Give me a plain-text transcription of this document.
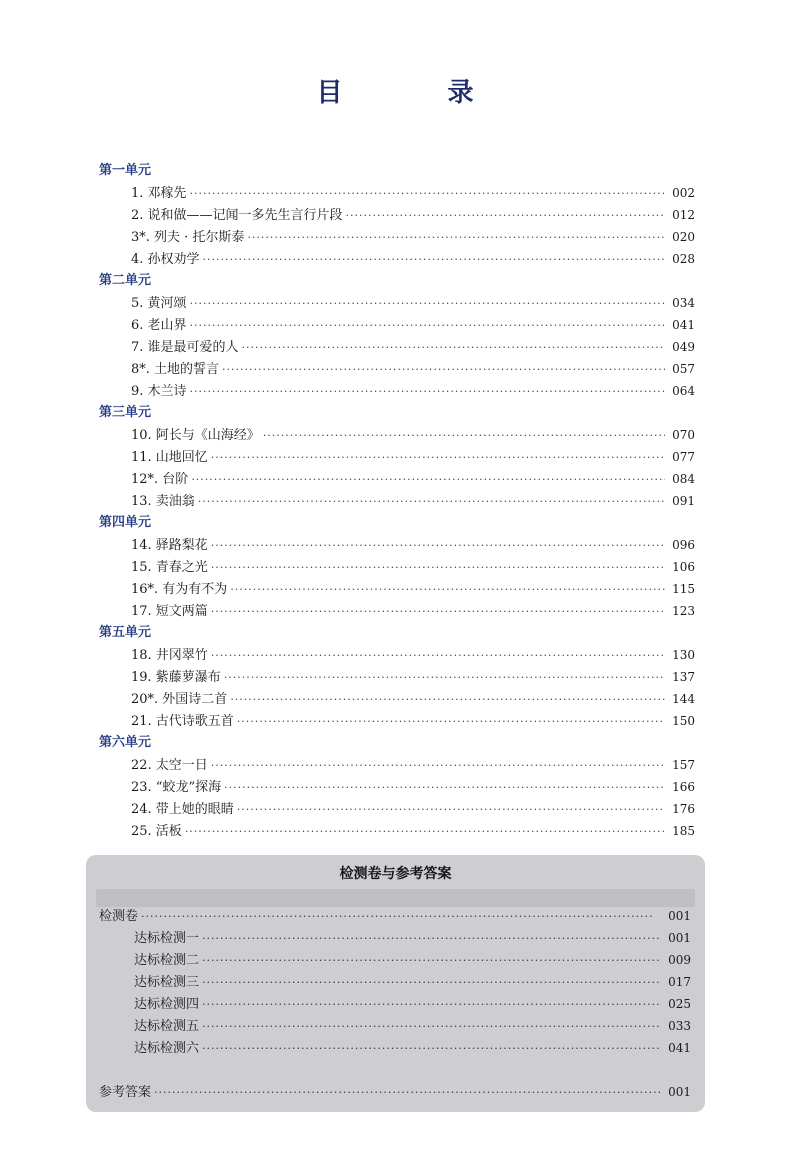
目 录
第一单元
1. 邓稼先 ·····	002
2. 说和做——记闻一多先生言行片段 ·····	012
3*. 列夫 · 托尔斯泰 ·····	020
4. 孙权劝学 ·····	028
第二单元
5. 黄河颂 ·····	034
6. 老山界 ·····	041
7. 谁是最可爱的人 ·····	049
8*. 土地的誓言 ·····	057
9. 木兰诗 ·····	064
第三单元
10. 阿长与《山海经》 ·····	070
11. 山地回忆 ·····	077
12*. 台阶 ·····	084
13. 卖油翁 ·····	091
第四单元
14. 驿路梨花 ·····	096
15. 青春之光 ·····	106
16*. 有为有不为 ·····	115
17. 短文两篇 ·····	123
第五单元
18. 井冈翠竹 ·····	130
19. 紫藤萝瀑布 ·····	137
20*. 外国诗二首 ·····	144
21. 古代诗歌五首 ·····	150
第六单元
22. 太空一日 ·····	157
23. “蛟龙”探海 ·····	166
24. 带上她的眼睛 ·····	176
25. 活板 ·····	185
检测卷与参考答案
检测卷 ·····	001
达标检测一 ·····	001
达标检测二 ·····	009
达标检测三 ·····	017
达标检测四 ·····	025
达标检测五 ·····	033
达标检测六 ·····	041
参考答案 ·····	001
